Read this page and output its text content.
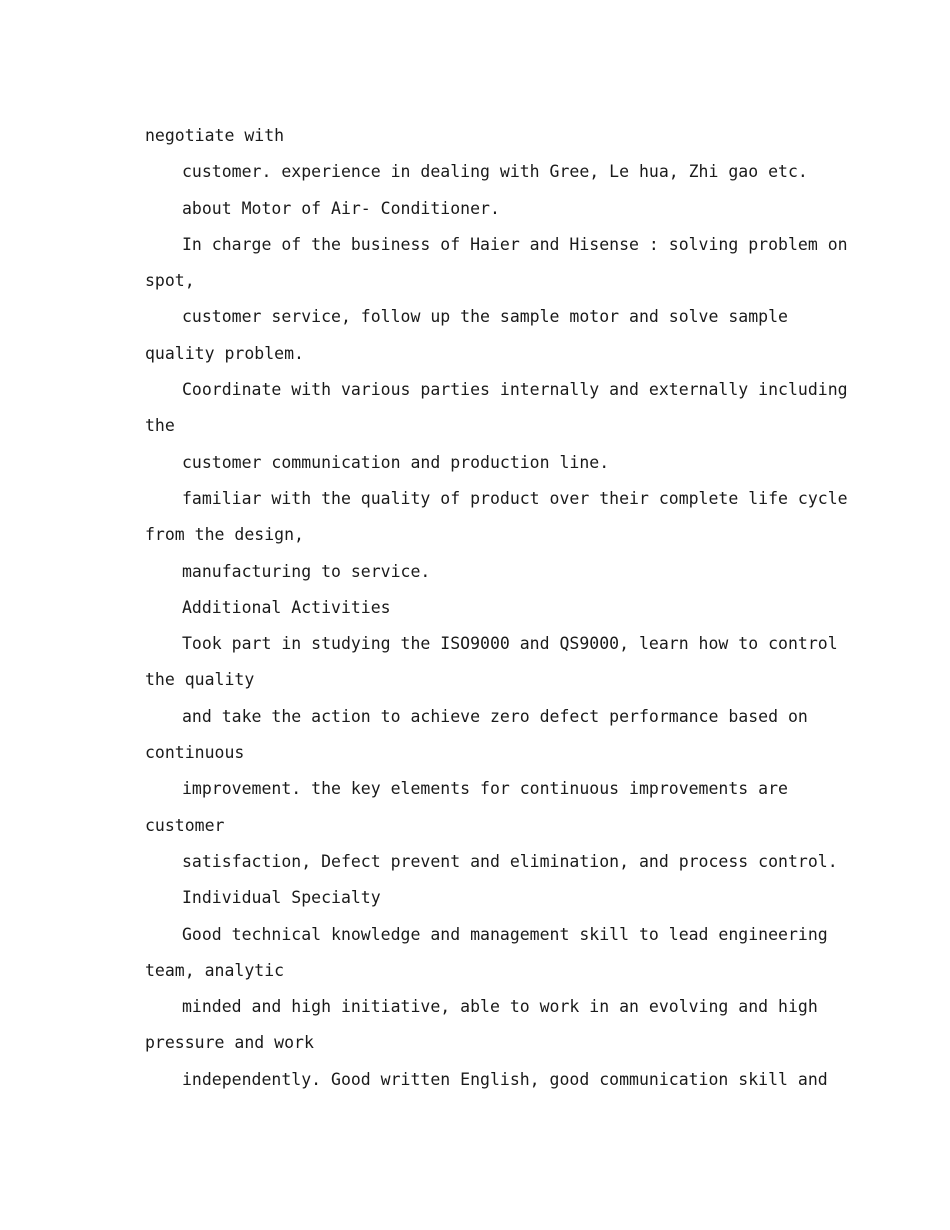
negotiate with

customer. experience in dealing with Gree, Le hua, Zhi gao etc.

about Motor of Air- Conditioner.

In charge of the business of Haier and Hisense : solving problem on

spot,

customer service, follow up the sample motor and solve sample

quality problem.

Coordinate with various parties internally and externally including

the

customer communication and production line.

familiar with the quality of product over their complete life cycle

from the design,

manufacturing to service.

Additional Activities

Took part in studying the ISO9000 and QS9000, learn how to control

the quality

and take the action to achieve zero defect performance based on

continuous

improvement. the key elements for continuous improvements are

customer

satisfaction, Defect prevent and elimination, and process control.

Individual Specialty

Good technical knowledge and management skill to lead engineering

team, analytic

minded and high initiative, able to work in an evolving and high

pressure and work

independently. Good written English, good communication skill and
